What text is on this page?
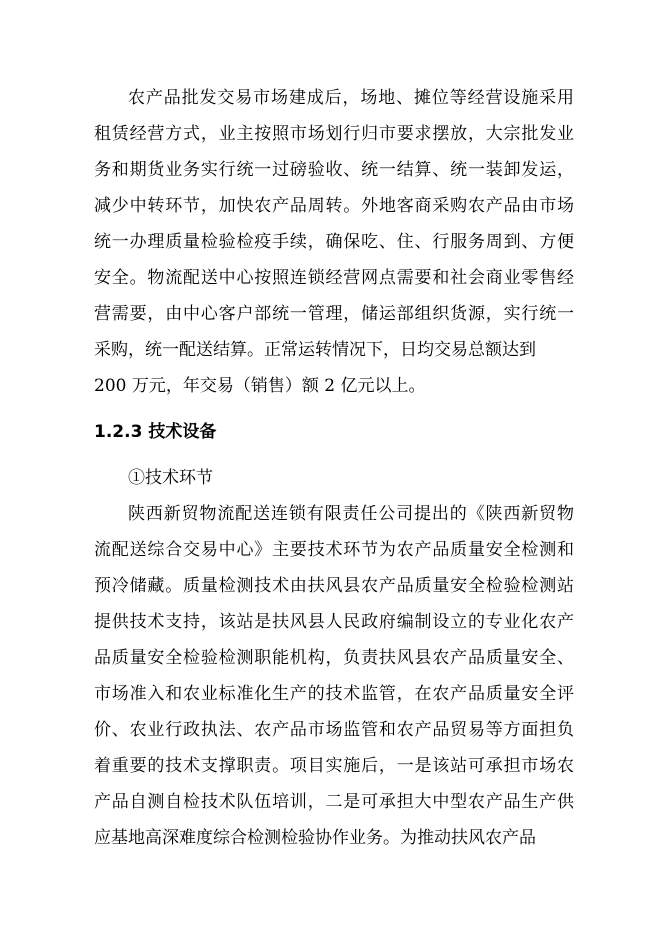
农产品批发交易市场建成后，场地、摊位等经营设施采用
租赁经营方式，业主按照市场划行归市要求摆放，大宗批发业
务和期货业务实行统一过磅验收、统一结算、统一装卸发运，
减少中转环节，加快农产品周转。外地客商采购农产品由市场
统一办理质量检验检疫手续，确保吃、住、行服务周到、方便
安全。物流配送中心按照连锁经营网点需要和社会商业零售经
营需要，由中心客户部统一管理，储运部组织货源，实行统一
采购，统一配送结算。正常运转情况下，日均交易总额达到
200 万元，年交易（销售）额 2 亿元以上。
1.2.3 技术设备
①技术环节
陕西新贸物流配送连锁有限责任公司提出的《陕西新贸物
流配送综合交易中心》主要技术环节为农产品质量安全检测和
预冷储藏。质量检测技术由扶风县农产品质量安全检验检测站
提供技术支持，该站是扶风县人民政府编制设立的专业化农产
品质量安全检验检测职能机构，负责扶风县农产品质量安全、
市场准入和农业标准化生产的技术监管，在农产品质量安全评
价、农业行政执法、农产品市场监管和农产品贸易等方面担负
着重要的技术支撑职责。项目实施后，一是该站可承担市场农
产品自测自检技术队伍培训，二是可承担大中型农产品生产供
应基地高深难度综合检测检验协作业务。为推动扶风农产品
